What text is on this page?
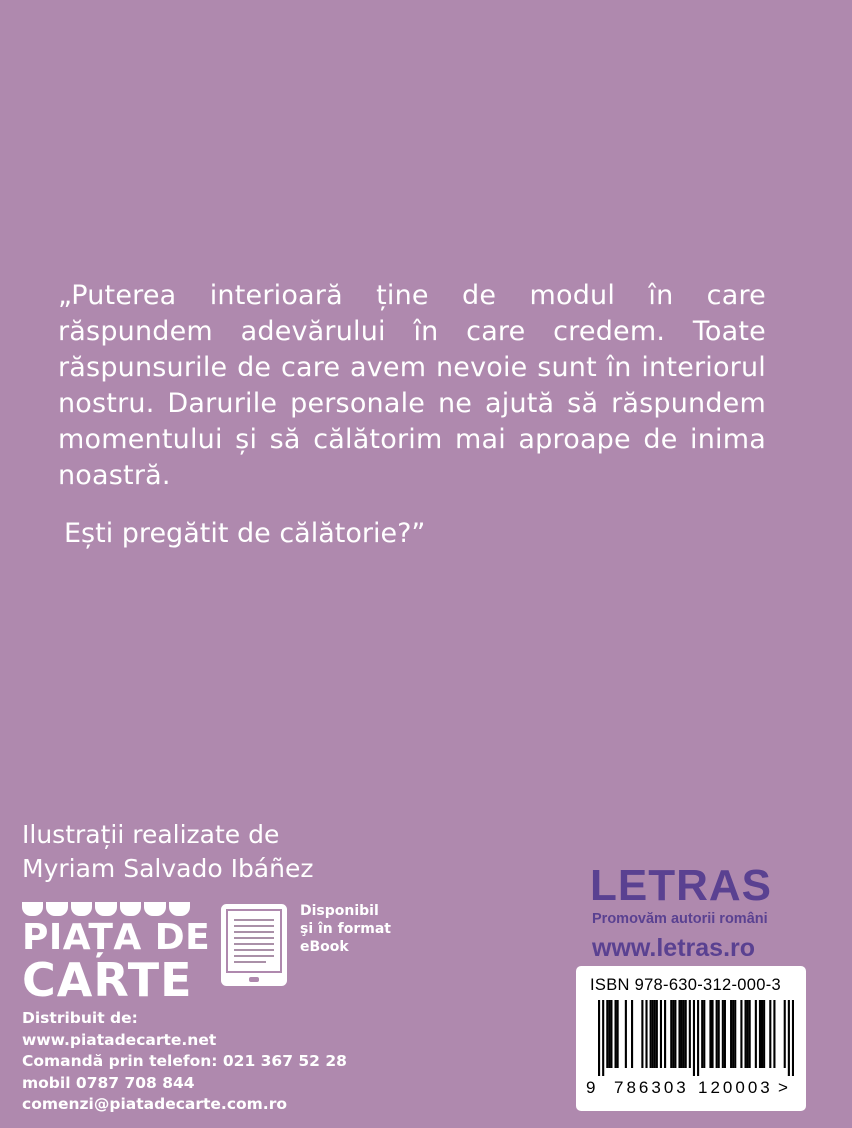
„Puterea interioară ține de modul în care răspundem adevărului în care credem. Toate răspunsurile de care avem nevoie sunt în interiorul nostru. Darurile personale ne ajută să răspundem momentului și să călătorim mai aproape de inima noastră.

Ești pregătit de călătorie?”

Ilustrații realizate de
Myriam Salvado Ibáñez
PIAȚA DE
CARTE
Disponibil
şi în format
eBook
Distribuit de:
www.piatadecarte.net
Comandă prin telefon: 021 367 52 28
mobil 0787 708 844
comenzi@piatadecarte.com.ro
LETRAS
Promovăm autorii români
www.letras.ro
ISBN 978-630-312-000-3
9 786303 120003 >
